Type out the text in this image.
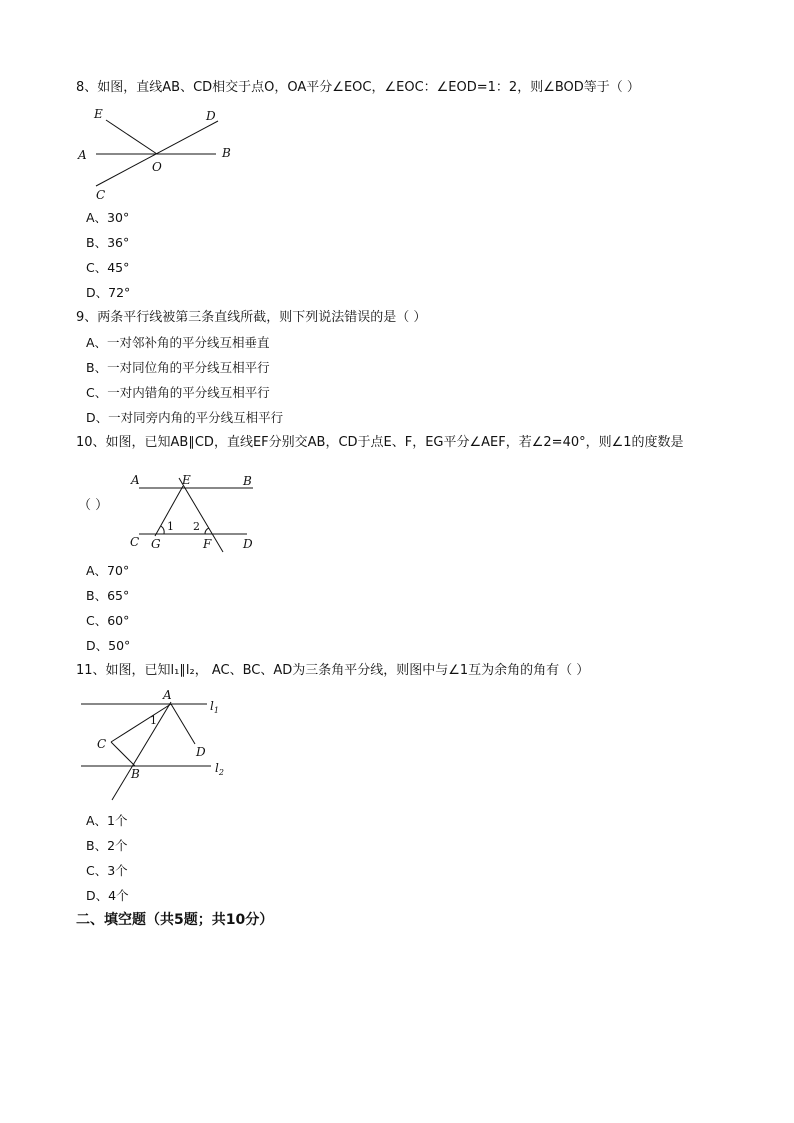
8、如图，直线AB、CD相交于点O，OA平分∠EOC，∠EOC：∠EOD=1：2，则∠BOD等于（ ）
E	D
A
O
B
C
A、30°
B、36°
C、45°
D、72°
9、两条平行线被第三条直线所截，则下列说法错误的是（ ）
A、一对邻补角的平分线互相垂直
B、一对同位角的平分线互相平行
C、一对内错角的平分线互相平行
D、一对同旁内角的平分线互相平行
10、如图，已知AB∥CD，直线EF分别交AB，CD于点E、F，EG平分∠AEF，若∠2=40°，则∠1的度数是
（ ）
A	E	B
1 2
C G	F	D
A、70°
B、65°
C、60°
D、50°
11、如图，已知l₁∥l₂， AC、BC、AD为三条角平分线，则图中与∠1互为余角的角有（ ）
A
$l_1$
1
C
D
B	$l_2$
A、1个
B、2个
C、3个
D、4个
二、填空题（共5题；共10分）
